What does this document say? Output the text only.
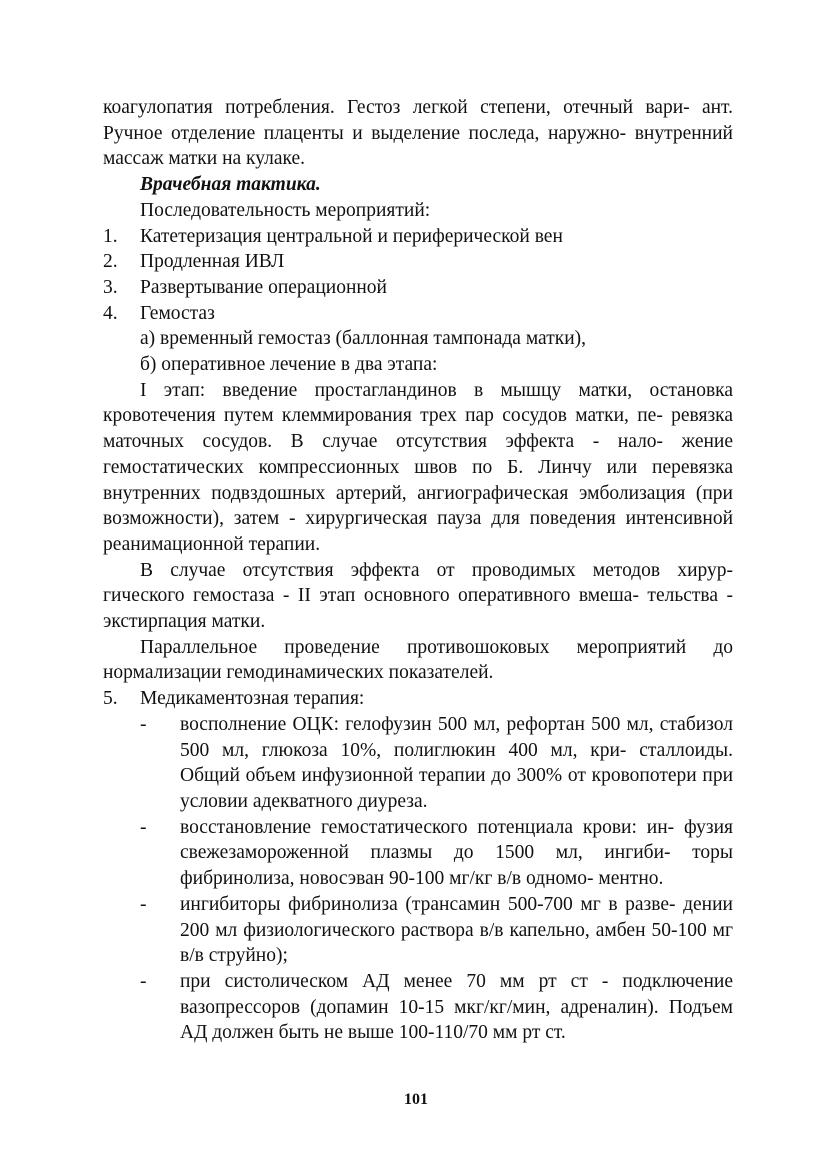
коагулопатия потребления. Гестоз легкой степени, отечный вари- ант. Ручное отделение плаценты и выделение последа, наружно- внутренний массаж матки на кулаке.

Врачебная тактика.

Последовательность мероприятий:

1. Катетеризация центральной и периферической вен

2. Продленная ИВЛ

3. Развертывание операционной

4. Гемостаз

а) временный гемостаз (баллонная тампонада матки),

б) оперативное лечение в два этапа:

I этап: введение простагландинов в мышцу матки, остановка кровотечения путем клеммирования трех пар сосудов матки, пе- ревязка маточных сосудов. В случае отсутствия эффекта - нало- жение гемостатических компрессионных швов по Б. Линчу или перевязка внутренних подвздошных артерий, ангиографическая эмболизация (при возможности), затем - хирургическая пауза для поведения интенсивной реанимационной терапии.

В случае отсутствия эффекта от проводимых методов хирур- гического гемостаза - II этап основного оперативного вмеша- тельства - экстирпация матки.

Параллельное проведение противошоковых мероприятий до нормализации гемодинамических показателей.

5. Медикаментозная терапия:

- восполнение ОЦК: гелофузин 500 мл, рефортан 500 мл, стабизол 500 мл, глюкоза 10%, полиглюкин 400 мл, кри- сталлоиды. Общий объем инфузионной терапии до 300% от кровопотери при условии адекватного диуреза.

- восстановление гемостатического потенциала крови: ин- фузия свежезамороженной плазмы до 1500 мл, ингиби- торы фибринолиза, новосэван 90-100 мг/кг в/в одномо- ментно.

- ингибиторы фибринолиза (трансамин 500-700 мг в разве- дении 200 мл физиологического раствора в/в капельно, амбен 50-100 мг в/в струйно);

- при систолическом АД менее 70 мм рт ст - подключение вазопрессоров (допамин 10-15 мкг/кг/мин, адреналин). Подъем АД должен быть не выше 100-110/70 мм рт ст.

101
